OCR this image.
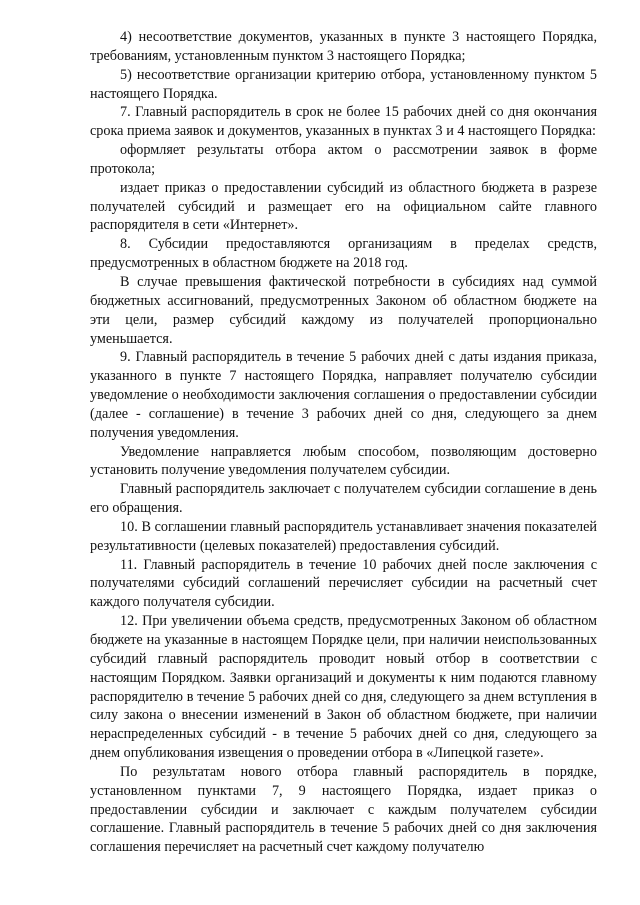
4) несоответствие документов, указанных в пункте 3 настоящего Порядка, требованиям, установленным пунктом 3 настоящего Порядка;

5) несоответствие организации критерию отбора, установленному пунктом 5 настоящего Порядка.

7. Главный распорядитель в срок не более 15 рабочих дней со дня окончания срока приема заявок и документов, указанных в пунктах 3 и 4 настоящего Порядка:

оформляет результаты отбора актом о рассмотрении заявок в форме протокола;

издает приказ о предоставлении субсидий из областного бюджета в разрезе получателей субсидий и размещает его на официальном сайте главного распорядителя в сети «Интернет».

8. Субсидии предоставляются организациям в пределах средств, предусмотренных в областном бюджете на 2018 год.

В случае превышения фактической потребности в субсидиях над суммой бюджетных ассигнований, предусмотренных Законом об областном бюджете на эти цели, размер субсидий каждому из получателей пропорционально уменьшается.

9. Главный распорядитель в течение 5 рабочих дней с даты издания приказа, указанного в пункте 7 настоящего Порядка, направляет получателю субсидии уведомление о необходимости заключения соглашения о предоставлении субсидии (далее - соглашение) в течение 3 рабочих дней со дня, следующего за днем получения уведомления.

Уведомление направляется любым способом, позволяющим достоверно установить получение уведомления получателем субсидии.

Главный распорядитель заключает с получателем субсидии соглашение в день его обращения.

10. В соглашении главный распорядитель устанавливает значения показателей результативности (целевых показателей) предоставления субсидий.

11. Главный распорядитель в течение 10 рабочих дней после заключения с получателями субсидий соглашений перечисляет субсидии на расчетный счет каждого получателя субсидии.

12. При увеличении объема средств, предусмотренных Законом об областном бюджете на указанные в настоящем Порядке цели, при наличии неиспользованных субсидий главный распорядитель проводит новый отбор в соответствии с настоящим Порядком. Заявки организаций и документы к ним подаются главному распорядителю в течение 5 рабочих дней со дня, следующего за днем вступления в силу закона о внесении изменений в Закон об областном бюджете, при наличии нераспределенных субсидий - в течение 5 рабочих дней со дня, следующего за днем опубликования извещения о проведении отбора в «Липецкой газете».

По результатам нового отбора главный распорядитель в порядке, установленном пунктами 7, 9 настоящего Порядка, издает приказ о предоставлении субсидии и заключает с каждым получателем субсидии соглашение. Главный распорядитель в течение 5 рабочих дней со дня заключения соглашения перечисляет на расчетный счет каждому получателю
